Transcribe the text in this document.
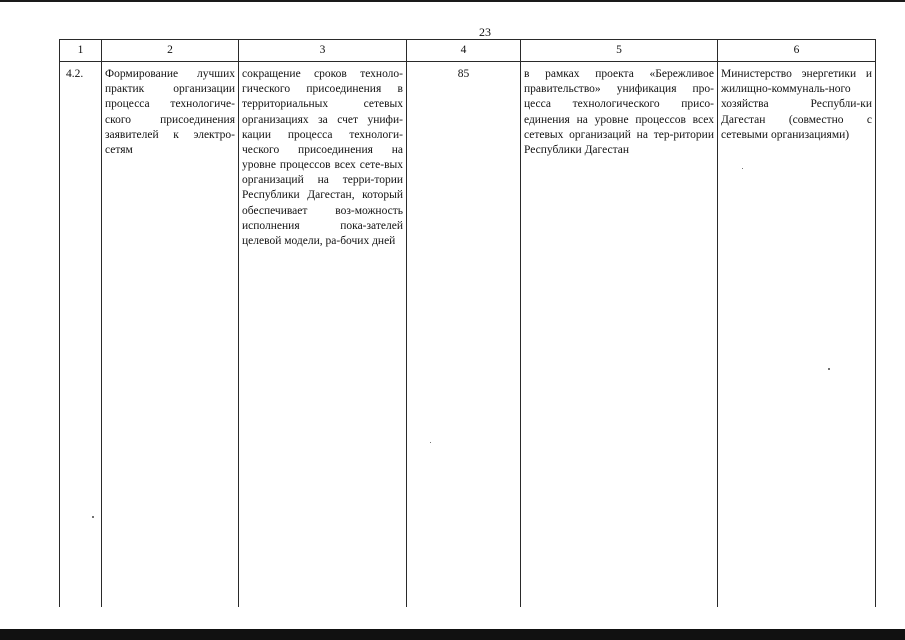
23
1	2	3	4	5	6
4.2.	Формирование лучших практик организации процесса технологиче-ского присоединения заявителей к электро-сетям	сокращение сроков техноло-гического присоединения в территориальных сетевых организациях за счет унифи-кации процесса технологи-ческого присоединения на уровне процессов всех сете-вых организаций на терри-тории Республики Дагестан, который обеспечивает воз-можность исполнения пока-зателей целевой модели, ра-бочих дней	85	в рамках проекта «Бережливое правительство» унификация про-цесса технологического присо-единения на уровне процессов всех сетевых организаций на тер-ритории Республики Дагестан	Министерство энергетики и жилищно-коммуналь-ного хозяйства Республи-ки Дагестан (совместно с сетевыми организациями)
